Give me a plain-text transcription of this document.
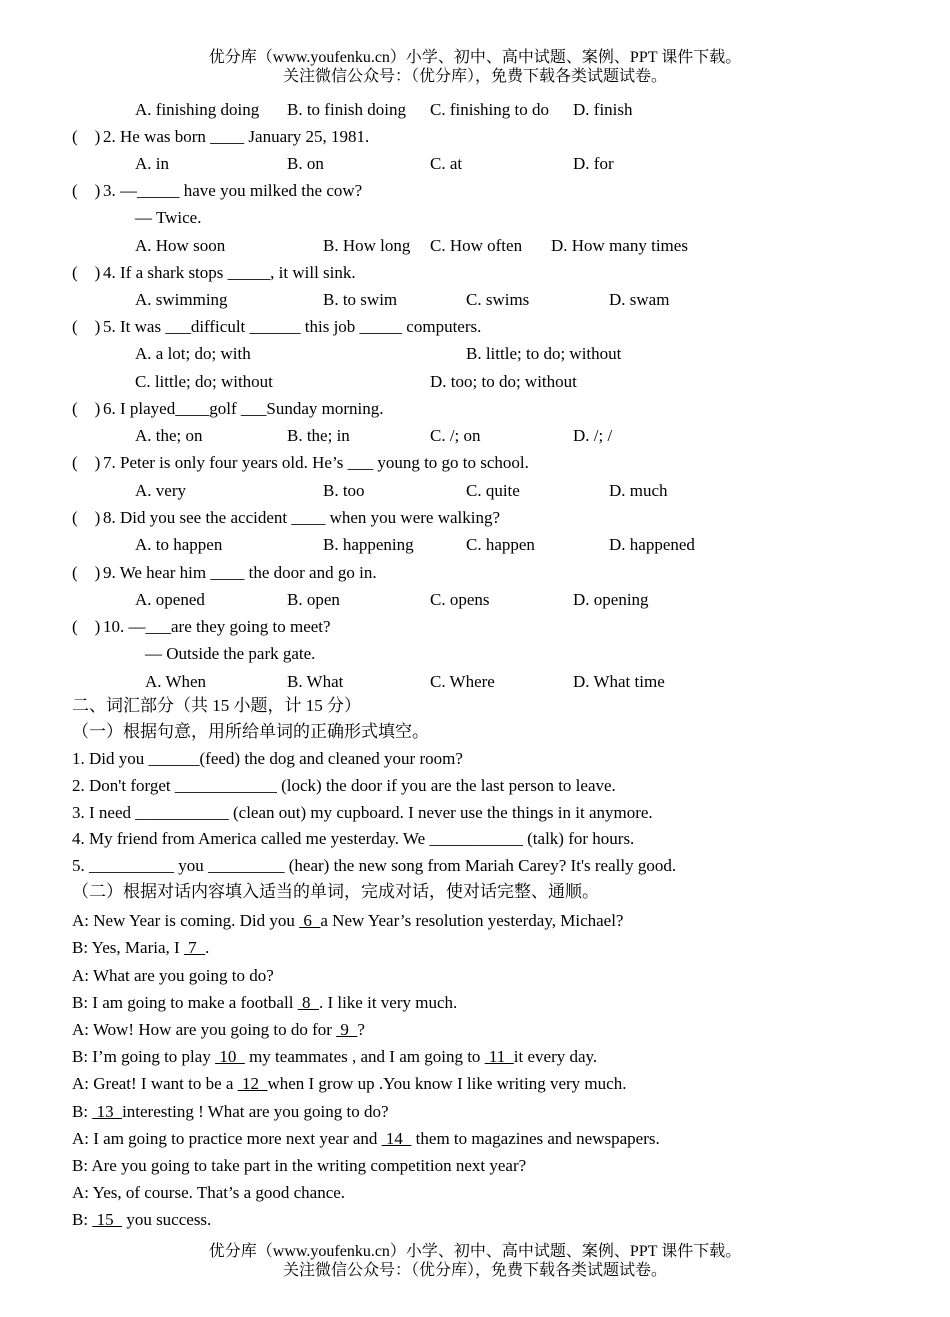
优分库（www.youfenku.cn）小学、初中、高中试题、案例、PPT 课件下载。
关注微信公众号：（优分库），免费下载各类试题试卷。
A. finishing doing B. to finish doing C. finishing to do D. finish
(    ) 2. He was born ____ January 25, 1981.
A. in	B. on	C. at	D. for
(    ) 3. —_____ have you milked the cow?
— Twice.
A. How soon	B. How long C. How often D. How many times
(    ) 4. If a shark stops _____, it will sink.
A. swimming	B. to swim	C. swims	D. swam
(    ) 5. It was ___difficult ______ this job _____ computers.
A. a lot; do; with	B. little; to do; without
C. little; do; without	D. too; to do; without
(    ) 6. I played____golf ___Sunday morning.
A. the; on	B. the; in	C. /; on	D. /; /
(    ) 7. Peter is only four years old. He’s ___ young to go to school.
A. very	B. too	C. quite	D. much
(    ) 8. Did you see the accident ____ when you were walking?
A. to happen	B. happening	C. happen	D. happened
(    ) 9. We hear him ____ the door and go in.
A. opened	B. open	C. opens	D. opening
(    ) 10. —___are they going to meet?
— Outside the park gate.
A. When	B. What	C. Where	D. What time
二、词汇部分（共 15 小题，计 15 分）
（一）根据句意，用所给单词的正确形式填空。
1. Did you ______(feed) the dog and cleaned your room?
2. Don't forget ____________ (lock) the door if you are the last person to leave.
3. I need ___________ (clean out) my cupboard. I never use the things in it anymore.
4. My friend from America called me yesterday. We ___________ (talk) for hours.
5. __________ you _________ (hear) the new song from Mariah Carey? It's really good.
（二）根据对话内容填入适当的单词，完成对话，使对话完整、通顺。
A: New Year is coming. Did you  6  a New Year’s resolution yesterday, Michael?
B: Yes, Maria, I  7  .
A: What are you going to do?
B: I am going to make a football  8  . I like it very much.
A: Wow! How are you going to do for  9  ?
B: I’m going to play  10   my teammates , and I am going to  11  it every day.
A: Great! I want to be a  12  when I grow up .You know I like writing very much.
B:  13  interesting ! What are you going to do?
A: I am going to practice more next year and  14   them to magazines and newspapers.
B: Are you going to take part in the writing competition next year?
A: Yes, of course. That’s a good chance.
B:  15   you success.
优分库（www.youfenku.cn）小学、初中、高中试题、案例、PPT 课件下载。
关注微信公众号：（优分库），免费下载各类试题试卷。
